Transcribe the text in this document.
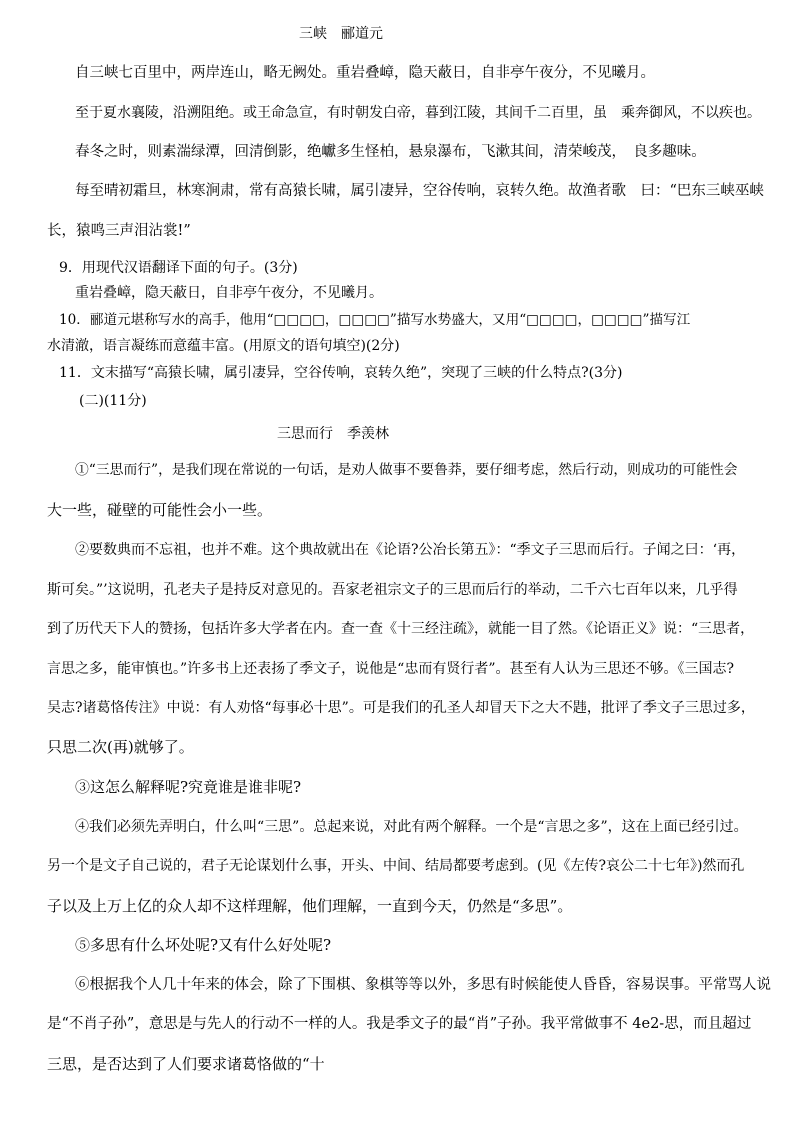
三峡　郦道元
自三峡七百里中，两岸连山，略无阙处。重岩叠嶂，隐天蔽日，自非亭午夜分，不见曦月。
至于夏水襄陵，沿溯阻绝。或王命急宣，有时朝发白帝，暮到江陵，其间千二百里，虽　乘奔御风，不以疾也。
春冬之时，则素湍绿潭，回清倒影，绝巘多生怪柏，悬泉瀑布，飞漱其间，清荣峻茂，　良多趣味。
每至晴初霜旦，林寒涧肃，常有高猿长啸，属引凄异，空谷传响，哀转久绝。故渔者歌　曰：“巴东三峡巫峡
长，猿鸣三声泪沾裳!”
9．用现代汉语翻译下面的句子。(3分)
重岩叠嶂，隐天蔽日，自非亭午夜分，不见曦月。
10．郦道元堪称写水的高手，他用“□□□□，□□□□”描写水势盛大，又用“□□□□，□□□□”描写江
水清澈，语言凝练而意蕴丰富。(用原文的语句填空)(2分)
11．文末描写“高猿长啸，属引凄异，空谷传响，哀转久绝”，突现了三峡的什么特点?(3分)
(二)(11分)
三思而行　季羡林
①“三思而行”，是我们现在常说的一句话，是劝人做事不要鲁莽，要仔细考虑，然后行动，则成功的可能性会
大一些，碰壁的可能性会小一些。
②要数典而不忘祖，也并不难。这个典故就出在《论语?公冶长第五》：“季文子三思而后行。子闻之曰：‘再，
斯可矣。”’这说明，孔老夫子是持反对意见的。吾家老祖宗文子的三思而后行的举动，二千六七百年以来，几乎得
到了历代天下人的赞扬，包括许多大学者在内。查一查《十三经注疏》，就能一目了然。《论语正义》说：“三思者，
言思之多，能审慎也。”许多书上还表扬了季文子，说他是“忠而有贤行者”。甚至有人认为三思还不够。《三国志?
吴志?诸葛恪传注》中说：有人劝恪“每事必十思”。可是我们的孔圣人却冒天下之大不韪，批评了季文子三思过多，
只思二次(再)就够了。
③这怎么解释呢?究竟谁是谁非呢?
④我们必须先弄明白，什么叫“三思”。总起来说，对此有两个解释。一个是“言思之多”，这在上面已经引过。
另一个是文子自己说的，君子无论谋划什么事，开头、中间、结局都要考虑到。(见《左传?哀公二十七年》)然而孔
子以及上万上亿的众人却不这样理解，他们理解，一直到今天，仍然是“多思”。
⑤多思有什么坏处呢?又有什么好处呢?
⑥根据我个人几十年来的体会，除了下围棋、象棋等等以外，多思有时候能使人昏昏，容易误事。平常骂人说
是“不肖子孙”，意思是与先人的行动不一样的人。我是季文子的最“肖”子孙。我平常做事不 4e2-思，而且超过
三思，是否达到了人们要求诸葛恪做的“十
